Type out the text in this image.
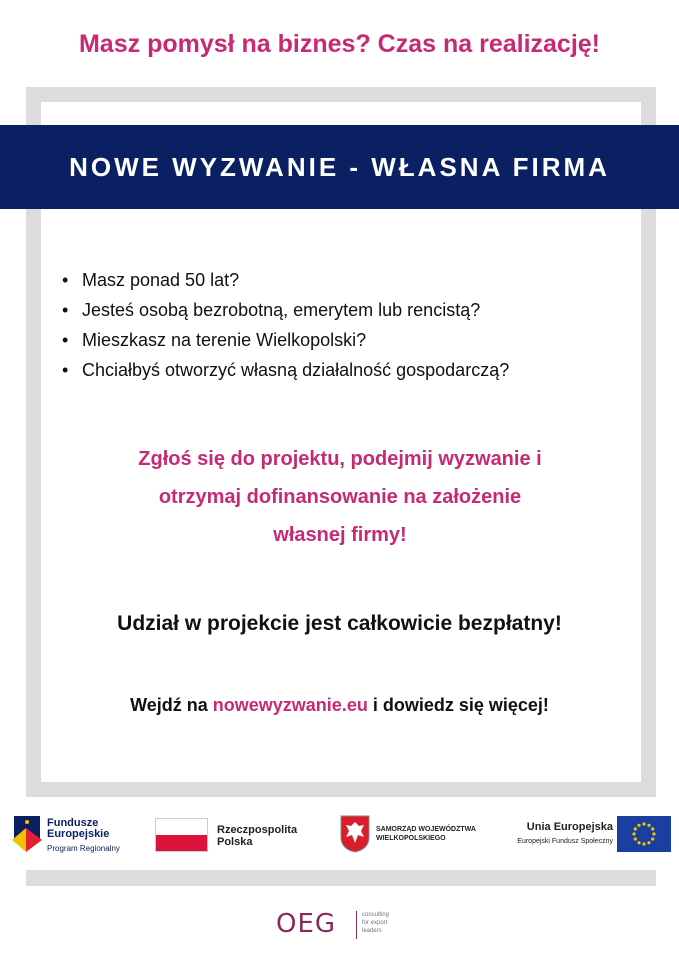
Masz pomysł na biznes? Czas na realizację!
NOWE WYZWANIE - WŁASNA FIRMA
• Masz ponad 50 lat?
• Jesteś osobą bezrobotną, emerytem lub rencistą?
• Mieszkasz na terenie Wielkopolski?
• Chciałbyś otworzyć własną działalność gospodarczą?
Zgłoś się do projektu, podejmij wyzwanie i
otrzymaj dofinansowanie na założenie
własnej firmy!
Udział w projekcie jest całkowicie bezpłatny!
Wejdź na nowewyzwanie.eu i dowiedz się więcej!
Fundusze
Europejskie
Program Regionalny
Rzeczpospolita
Polska
SAMORZĄD WOJEWÓDZTWA
WIELKOPOLSKIEGO
Unia Europejska
Europejski Fundusz Społeczny
OEG	consulting
for export
leaders
